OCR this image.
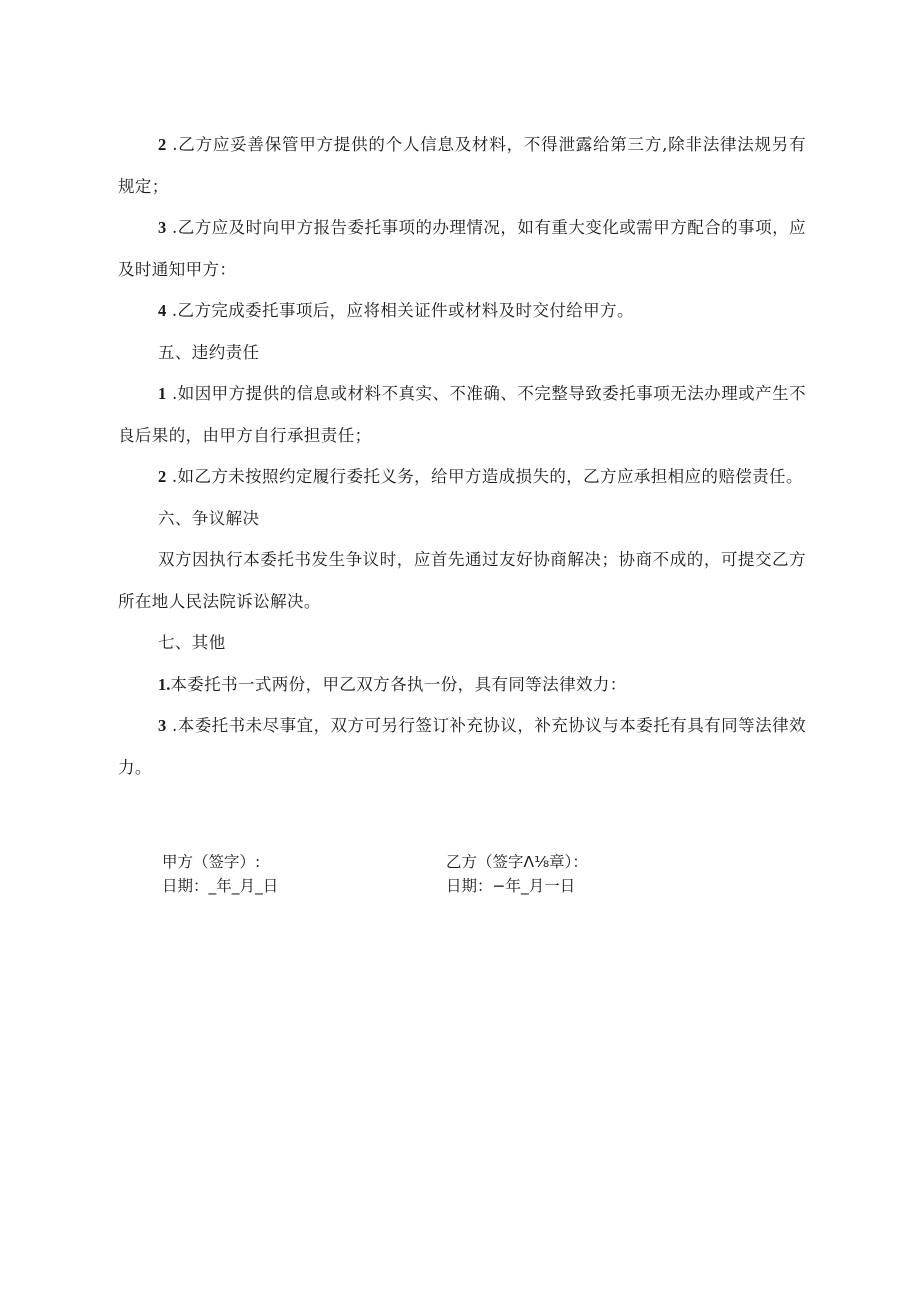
2 .乙方应妥善保管甲方提供的个人信息及材料，不得泄露给第三方,除非法律法规另有规定；

3 .乙方应及时向甲方报告委托事项的办理情况，如有重大变化或需甲方配合的事项，应及时通知甲方：

4 .乙方完成委托事项后，应将相关证件或材料及时交付给甲方。

五、违约责任

1 .如因甲方提供的信息或材料不真实、不准确、不完整导致委托事项无法办理或产生不良后果的，由甲方自行承担责任；

2 .如乙方未按照约定履行委托义务，给甲方造成损失的，乙方应承担相应的赔偿责任。

六、争议解决

双方因执行本委托书发生争议时，应首先通过友好协商解决；协商不成的，可提交乙方所在地人民法院诉讼解决。

七、其他

1.本委托书一式两份，甲乙双方各执一份，具有同等法律效力：

3 .本委托书未尽事宜，双方可另行签订补充协议，补充协议与本委托有具有同等法律效力。

甲方（签字）:	乙方（签字Λ⅛章）：
日期：_年_月_日	日期：−年_月一日
